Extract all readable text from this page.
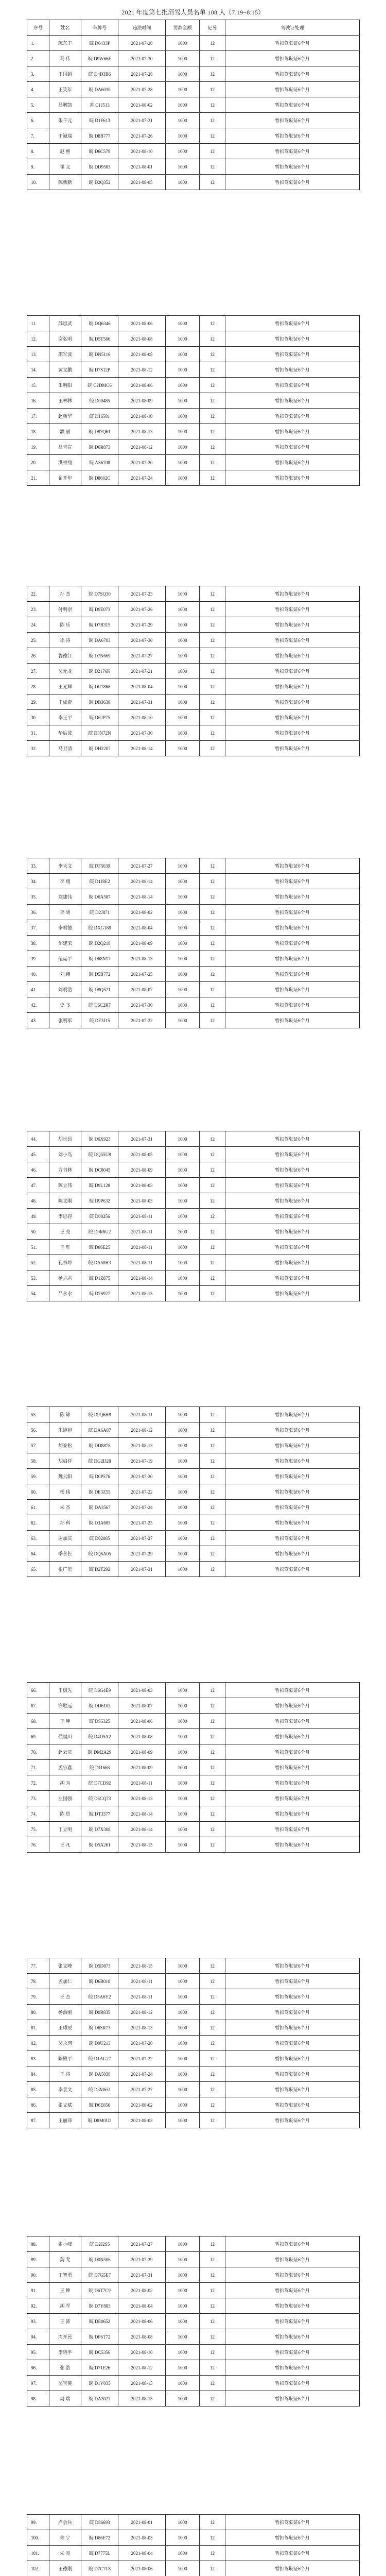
2021 年度第七批酒驾人员名单 108 人（7.19~8.15）
序号	姓名	车牌号	违法时间	罚款金额	记分	驾驶证处理
1.	陈东丰	皖 D6433P	2021-07-20	1000	12	暂扣驾驶证6个月
2.	马 伟	皖 D9W66E	2021-07-30	1000	12	暂扣驾驶证6个月
3.	王国超	皖 D4D3B6	2021-07-28	1000	12	暂扣驾驶证6个月
4.	王笑年	皖 DA6030	2021-07-28	1000	12	暂扣驾驶证6个月
5.	吕鹏凯	苏 C1J513	2021-08-02	1000	12	暂扣驾驶证6个月
6.	朱千元	皖 D1F613	2021-07-31	1000	12	暂扣驾驶证6个月
7.	于诚瑞	皖 D8B777	2021-07-26	1000	12	暂扣驾驶证6个月
8.	赵 熙	皖 D6C579	2021-08-10	1000	12	暂扣驾驶证6个月
9.	崔 义	皖 DD9583	2021-08-01	1000	12	暂扣驾驶证6个月
10.	陈新新	皖 D2Q352	2021-08-05	1000	12	暂扣驾驶证6个月
11.	苏思武	皖 DQ6346	2021-08-06	1000	12	暂扣驾驶证6个月
12.	谢弘明	皖 D5T566	2021-08-08	1000	12	暂扣驾驶证6个月
13.	邵军波	皖 DN5116	2021-08-08	1000	12	暂扣驾驶证6个月
14.	黄文鹏	皖 D7S12P	2021-08-12	1000	12	暂扣驾驶证6个月
15.	朱明阳	皖 C2DMC6	2021-08-06	1000	12	暂扣驾驶证6个月
16.	王林林	皖 D00485	2021-08-09	1000	12	暂扣驾驶证6个月
17.	赵新华	皖 D16581	2021-08-10	1000	12	暂扣驾驶证6个月
18.	濮 丽	皖 D87Q61	2021-08-13	1000	12	暂扣驾驶证6个月
19.	吕青宣	皖 D6R873	2021-08-12	1000	12	暂扣驾驶证6个月
20.	洪神翔	皖 AS6708	2021-07-20	1000	12	暂扣驾驶证6个月
21.	翟开年	皖 D8602C	2021-07-24	1000	12	暂扣驾驶证6个月
22.	孙 杰	皖 D7SQ30	2021-07-23	1000	12	暂扣驾驶证6个月
23.	付明崇	皖 D9E073	2021-07-26	1000	12	暂扣驾驶证6个月
24.	陈 乐	皖 D7B315	2021-07-29	1000	12	暂扣驾驶证6个月
25.	徐 涛	皖 DA6703	2021-07-30	1000	12	暂扣驾驶证6个月
26.	鲁德江	皖 D7N669	2021-07-27	1000	12	暂扣驾驶证6个月
27.	吴元龙	皖 D2176K	2021-07-21	1000	12	暂扣驾驶证6个月
28.	王光辉	皖 DR7868	2021-08-04	1000	12	暂扣驾驶证6个月
29.	王成奇	皖 DB3638	2021-07-31	1000	12	暂扣驾驶证6个月
30.	李王平	皖 D62P75	2021-08-10	1000	12	暂扣驾驶证6个月
31.	华后波	皖 D3N72N	2021-07-30	1000	12	暂扣驾驶证6个月
32.	马卫清	皖 DH2207	2021-08-14	1000	12	暂扣驾驶证6个月
33.	李天文	皖 DF5039	2021-07-27	1000	12	暂扣驾驶证6个月
34.	李 翔	皖 D1J8E2	2021-08-14	1000	12	暂扣驾驶证6个月
35.	刘建伟	皖 D6A587	2021-08-14	1000	12	暂扣驾驶证6个月
36.	李 晓	皖 D2J871	2021-08-02	1000	12	暂扣驾驶证6个月
37.	李明德	皖 DXG188	2021-08-04	1000	12	暂扣驾驶证6个月
38.	邹建荣	皖 D2Q218	2021-08-09	1000	12	暂扣驾驶证6个月
39.	范运平	皖 D68N17	2021-08-13	1000	12	暂扣驾驶证6个月
40.	刘 翔	皖 D5B772	2021-07-25	1000	12	暂扣驾驶证6个月
41.	刘明浩	皖 D8Q521	2021-08-07	1000	12	暂扣驾驶证6个月
42.	史 飞	皖 D6C2R7	2021-07-30	1000	12	暂扣驾驶证6个月
43.	张明军	皖 DE3J15	2021-07-22	1000	12	暂扣驾驶证6个月
44.	胡世昂	皖 D6X923	2021-07-31	1000	12	暂扣驾驶证6个月
45.	刘小鸟	皖 DQ55U8	2021-08-05	1000	12	暂扣驾驶证6个月
46.	方书林	皖 DC8045	2021-08-09	1000	12	暂扣驾驶证6个月
47.	陈立伟	皖 D9L128	2021-08-03	1000	12	暂扣驾驶证6个月
48.	陈文刚	皖 D9P632	2021-08-03	1000	12	暂扣驾驶证6个月
49.	李思存	皖 D00256	2021-08-11	1000	12	暂扣驾驶证6个月
50.	王 亮	皖 D0R6U2	2021-08-11	1000	12	暂扣驾驶证6个月
51.	王 辉	皖 D86E25	2021-08-11	1000	12	暂扣驾驶证6个月
52.	孔书坤	皖 DA58H3	2021-08-11	1000	12	暂扣驾驶证6个月
53.	杨志君	皖 D1Z875	2021-08-14	1000	12	暂扣驾驶证6个月
54.	吕永水	皖 D7S927	2021-08-15	1000	12	暂扣驾驶证6个月
55.	陈 锦	皖 D9Q6H8	2021-08-11	1000	12	暂扣驾驶证6个月
56.	朱婷婷	皖 DA6A87	2021-08-12	1000	12	暂扣驾驶证6个月
57.	胡泰松	皖 DD8878	2021-08-13	1000	12	暂扣驾驶证6个月
58.	胡启祥	皖 DG2D28	2021-07-19	1000	12	暂扣驾驶证6个月
59.	魏云阳	皖 D0P576	2021-07-20	1000	12	暂扣驾驶证6个月
60.	杨 伟	皖 DE3Z55	2021-07-22	1000	12	暂扣驾驶证6个月
61.	朱 杰	皖 DA3567	2021-07-24	1000	12	暂扣驾驶证6个月
62.	孙 科	皖 D3A685	2021-07-25	1000	12	暂扣驾驶证6个月
63.	谢加庆	皖 D02085	2021-07-27	1000	12	暂扣驾驶证6个月
64.	季永长	皖 DQ6A05	2021-07-29	1000	12	暂扣驾驶证6个月
65.	张广宏	皖 D2T292	2021-07-31	1000	12	暂扣驾驶证6个月
66.	王树先	皖 D6G4E9	2021-08-03	1000	12	暂扣驾驶证6个月
67.	许胜远	皖 DD6103	2021-08-07	1000	12	暂扣驾驶证6个月
68.	王 坤	皖 DS5325	2021-08-06	1000	12	暂扣驾驶证6个月
69.	侯福川	皖 D4D5A2	2021-08-08	1000	12	暂扣驾驶证6个月
70.	赵云庆	皖 DM2A29	2021-08-09	1000	12	暂扣驾驶证6个月
71.	孟宗鑫	皖 DJ1668	2021-08-09	1000	12	暂扣驾驶证6个月
72.	胡 为	皖 D7CD92	2021-08-11	1000	12	暂扣驾驶证6个月
73.	左国强	皖 D6CQ73	2021-08-13	1000	12	暂扣驾驶证6个月
74.	陈 思	皖 DT3377	2021-08-14	1000	12	暂扣驾驶证6个月
75.	丁立明	皖 D7X308	2021-08-14	1000	12	暂扣驾驶证6个月
76.	王 凡	皖 D5A261	2021-08-15	1000	12	暂扣驾驶证6个月
77.	张文峰	皖 D5D873	2021-08-15	1000	12	暂扣驾驶证6个月
78.	孟加仁	皖 D6B018	2021-08-11	1000	12	暂扣驾驶证6个月
79.	王 杰	皖 D5A6Y2	2021-08-11	1000	12	暂扣驾驶证6个月
80.	杨治刚	皖 D9R835	2021-08-12	1000	12	暂扣驾驶证6个月
81.	王耀辰	皖 D6SR73	2021-08-13	1000	12	暂扣驾驶证6个月
82.	吴永鸿	皖 D9U213	2021-07-20	1000	12	暂扣驾驶证6个月
83.	陈殿平	皖 D1AG27	2021-07-22	1000	12	暂扣驾驶证6个月
84.	王 涛	皖 DA5038	2021-07-24	1000	12	暂扣驾驶证6个月
85.	李景文	皖 D3M651	2021-07-27	1000	12	暂扣驾驶证6个月
86.	张文斌	皖 D6E856	2021-08-02	1000	12	暂扣驾驶证6个月
87.	王丽萍	皖 D8M0U2	2021-08-03	1000	12	暂扣驾驶证6个月
88.	张小峰	皖 D2J2S5	2021-07-27	1000	12	暂扣驾驶证6个月
89.	魏 尤	皖 D0N506	2021-07-29	1000	12	暂扣驾驶证6个月
90.	丁智勇	皖 D7G5E7	2021-07-31	1000	12	暂扣驾驶证6个月
91.	王 坤	皖 D6T7C9	2021-08-02	1000	12	暂扣驾驶证6个月
92.	胡 军	皖 D7Y883	2021-08-04	1000	12	暂扣驾驶证6个月
93.	王 沛	皖 DE0652	2021-08-06	1000	12	暂扣驾驶证6个月
94.	周开民	皖 DP6T72	2021-08-08	1000	12	暂扣驾驶证6个月
95.	李晓平	皖 DC5356	2021-08-10	1000	12	暂扣驾驶证6个月
96.	张 浩	皖 D71E26	2021-08-12	1000	12	暂扣驾驶证6个月
97.	吴宝英	皖 D1V035	2021-08-13	1000	12	暂扣驾驶证6个月
98.	周 瑞	皖 DA3027	2021-08-15	1000	12	暂扣驾驶证6个月
99.	卢会兵	皖 D86693	2021-08-01	1000	12	暂扣驾驶证6个月
100.	朱 宁	皖 D86E72	2021-08-03	1000	12	暂扣驾驶证6个月
101.	朱 亮	皖 D7775L	2021-08-04	1000	12	暂扣驾驶证6个月
102.	王德刚	皖 D7C7T8	2021-08-06	1000	12	暂扣驾驶证6个月
